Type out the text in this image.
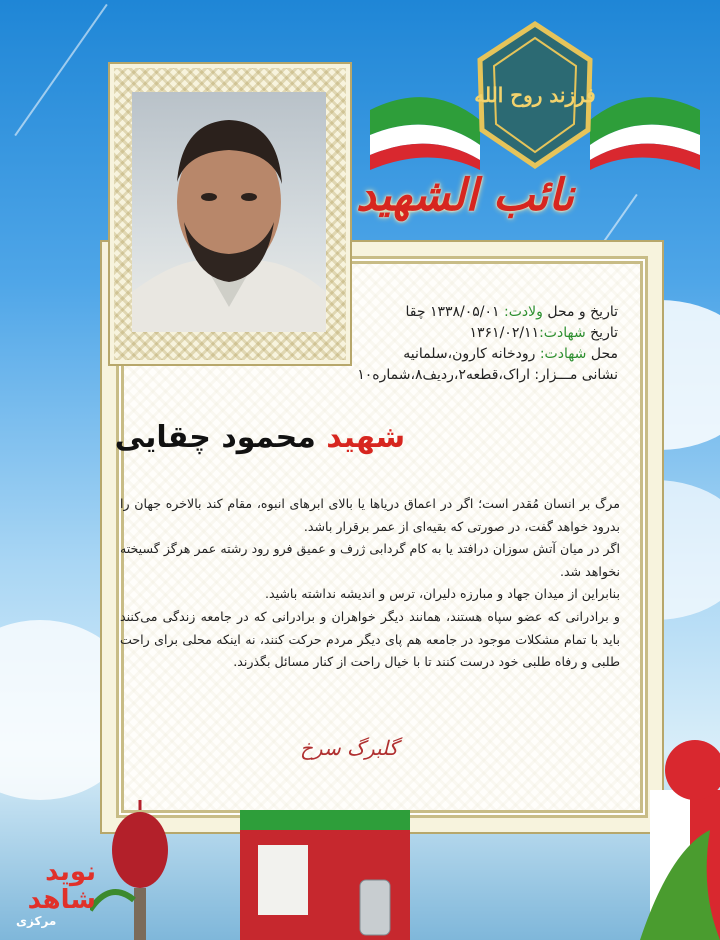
فرزند روح الله
نائب الشهید
تاریخ و محل ولادت: ۱۳۳۸/۰۵/۰۱ چقا
تاریخ شهادت:۱۳۶۱/۰۲/۱۱
محل شهادت: رودخانه کارون،سلمانیه
نشانی مـــزار: اراک،قطعه۲،ردیف۸،شماره۱۰
شهید محمود چقایی

مرگ بر انسان مُقدر است؛ اگر در اعماق دریاها یا بالای ابرهای انبوه، مقام کند بالاخره جهان را بدرود خواهد گفت، در صورتی که بقیه‌ای از عمر برقرار باشد.

اگر در میان آتش سوزان درافتد یا به کام گردابی ژرف و عمیق فرو رود رشته عمر هرگز گسیخته نخواهد شد.

بنابراین از میدان جهاد و مبارزه دلیران، ترس و اندیشه نداشته باشید.

و برادرانی که عضو سپاه هستند، همانند دیگر خواهران و برادرانی که در جامعه زندگی می‌کنند باید با تمام مشکلات موجود در جامعه هم پای دیگر مردم حرکت کنند، نه اینکه محلی برای راحت طلبی و رفاه طلبی خود درست کنند تا با خیال راحت از کنار مسائل بگذرند.

گلبرگ سرخ
نوید شاهد
مرکزی
